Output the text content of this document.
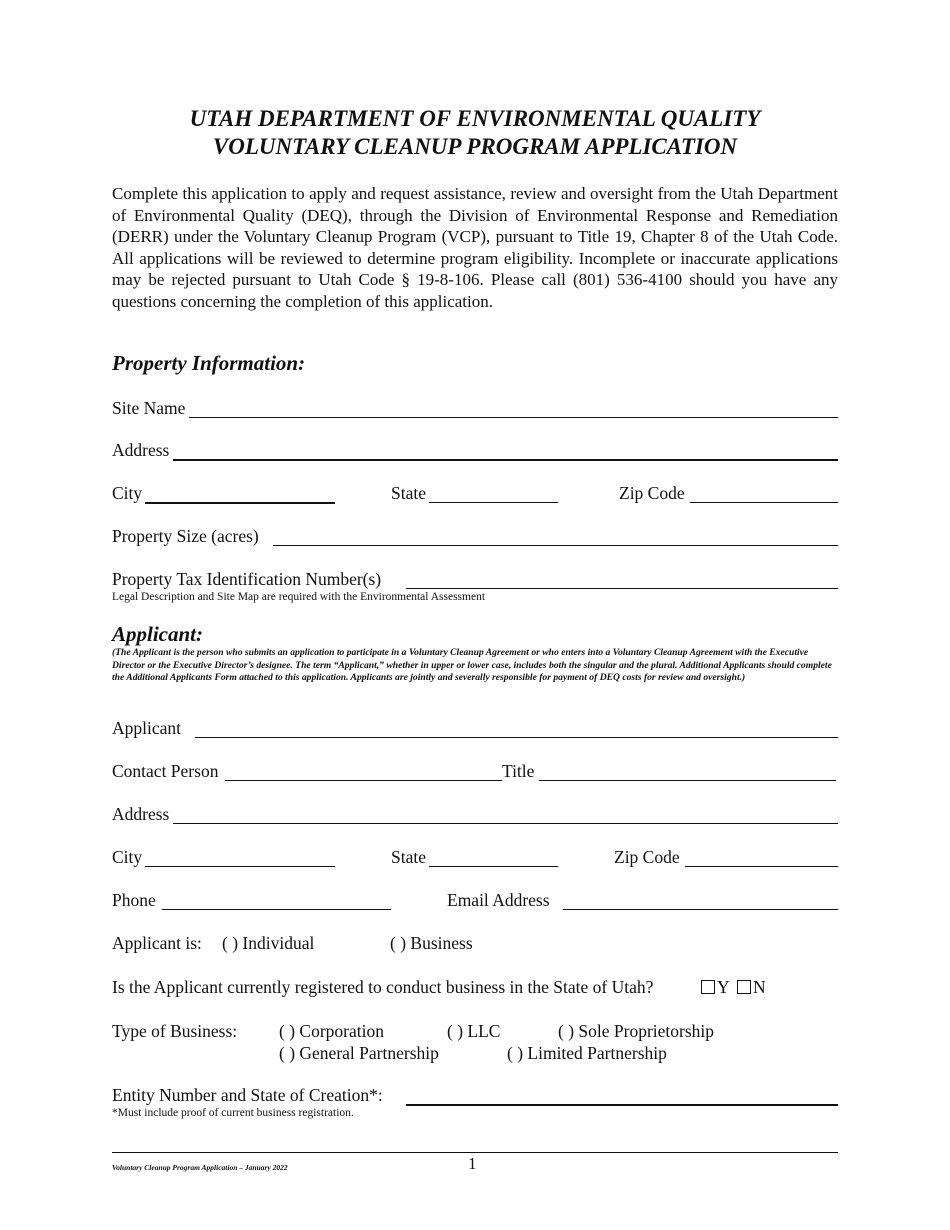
UTAH DEPARTMENT OF ENVIRONMENTAL QUALITY
VOLUNTARY CLEANUP PROGRAM APPLICATION
Complete this application to apply and request assistance, review and oversight from the Utah Department of Environmental Quality (DEQ), through the Division of Environmental Response and Remediation (DERR) under the Voluntary Cleanup Program (VCP), pursuant to Title 19, Chapter 8 of the Utah Code. All applications will be reviewed to determine program eligibility. Incomplete or inaccurate applications may be rejected pursuant to Utah Code § 19-8-106. Please call (801) 536-4100 should you have any questions concerning the completion of this application.
Property Information:
Site Name
Address
City	State	Zip Code
Property Size (acres)
Property Tax Identification Number(s)
Legal Description and Site Map are required with the Environmental Assessment
Applicant:
(The Applicant is the person who submits an application to participate in a Voluntary Cleanup Agreement or who enters into a Voluntary Cleanup Agreement with the Executive Director or the Executive Director’s designee. The term “Applicant,” whether in upper or lower case, includes both the singular and the plural. Additional Applicants should complete the Additional Applicants Form attached to this application. Applicants are jointly and severally responsible for payment of DEQ costs for review and oversight.)
Applicant
Contact Person	Title
Address
City	State	Zip Code
Phone	Email Address
Applicant is: ( ) Individual	( ) Business
Is the Applicant currently registered to conduct business in the State of Utah?	Y	N
Type of Business: ( ) Corporation	( ) LLC	( ) Sole Proprietorship
( ) General Partnership	( ) Limited Partnership
Entity Number and State of Creation*:
*Must include proof of current business registration.
Voluntary Cleanup Program Application – January 2022	1
